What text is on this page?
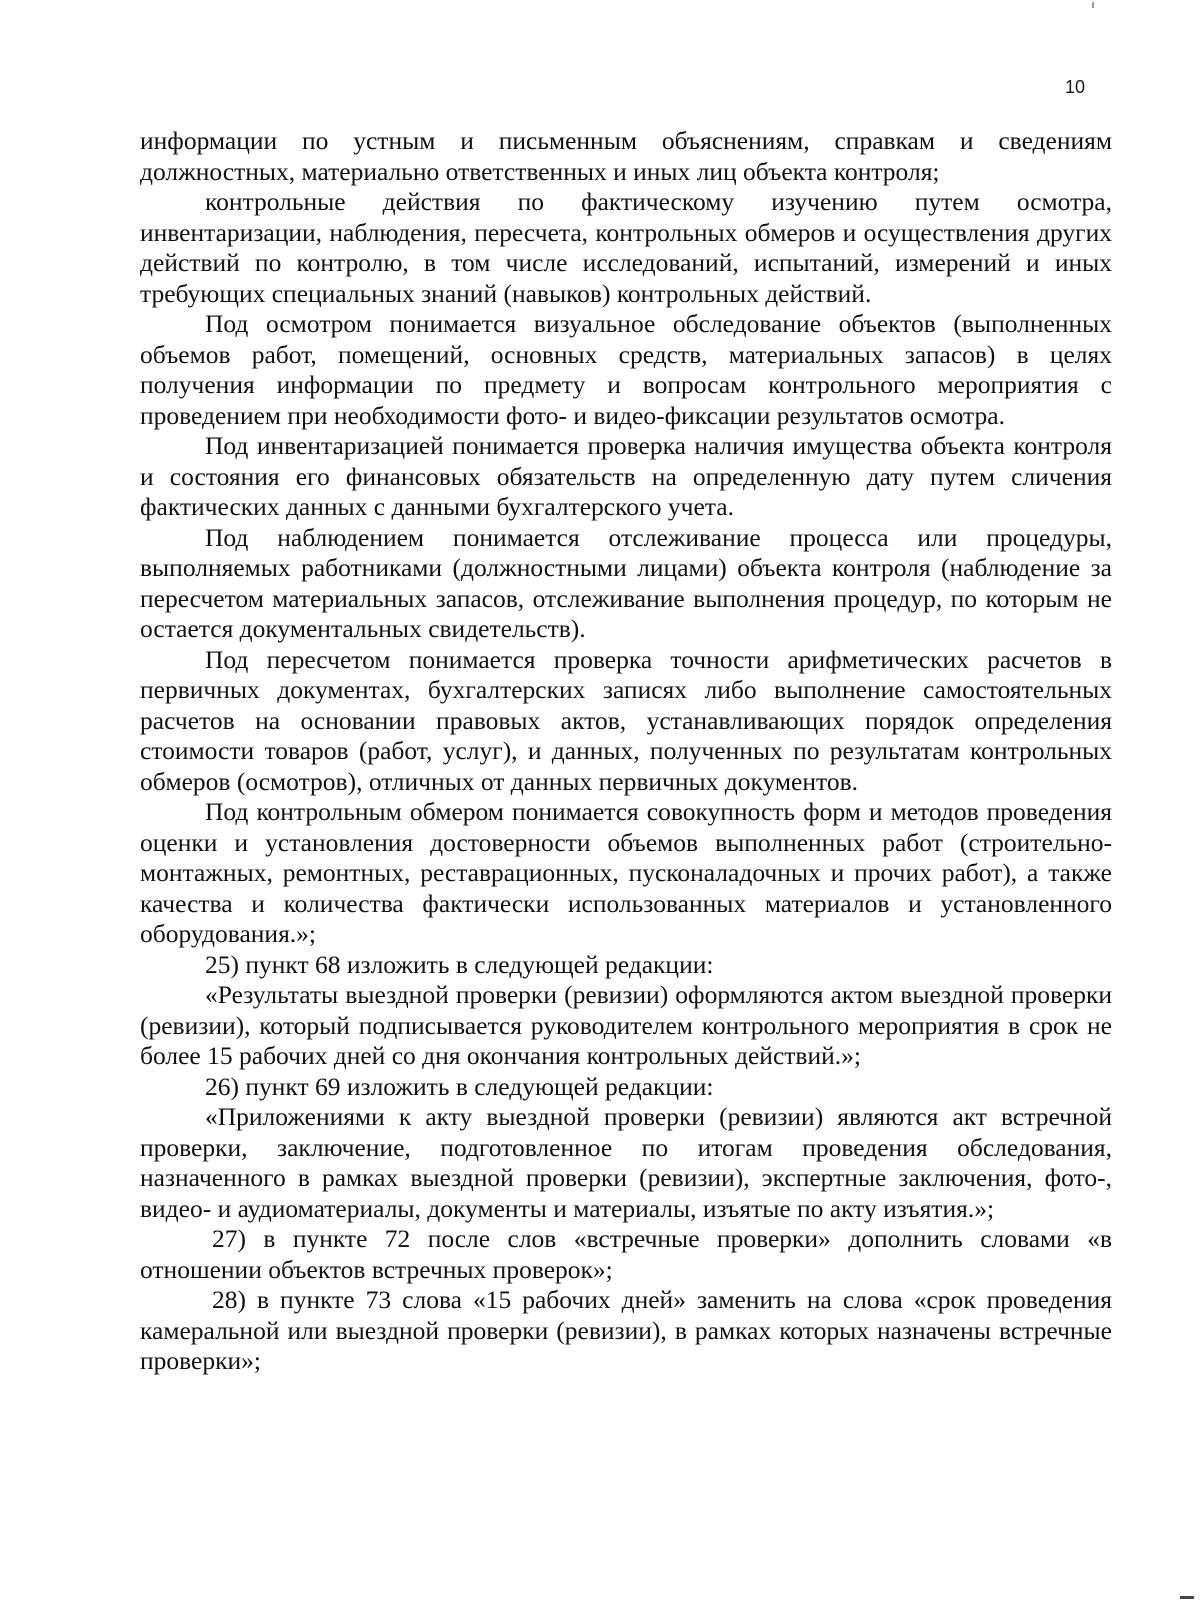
10

информации по устным и письменным объяснениям, справкам и сведениям должностных, материально ответственных и иных лиц объекта контроля;

контрольные действия по фактическому изучению путем осмотра, инвентаризации, наблюдения, пересчета, контрольных обмеров и осуществления других действий по контролю, в том числе исследований, испытаний, измерений и иных требующих специальных знаний (навыков) контрольных действий.

Под осмотром понимается визуальное обследование объектов (выполненных объемов работ, помещений, основных средств, материальных запасов) в целях получения информации по предмету и вопросам контрольного мероприятия с проведением при необходимости фото- и видео-фиксации результатов осмотра.

Под инвентаризацией понимается проверка наличия имущества объекта контроля и состояния его финансовых обязательств на определенную дату путем сличения фактических данных с данными бухгалтерского учета.

Под наблюдением понимается отслеживание процесса или процедуры, выполняемых работниками (должностными лицами) объекта контроля (наблюдение за пересчетом материальных запасов, отслеживание выполнения процедур, по которым не остается документальных свидетельств).

Под пересчетом понимается проверка точности арифметических расчетов в первичных документах, бухгалтерских записях либо выполнение самостоятельных расчетов на основании правовых актов, устанавливающих порядок определения стоимости товаров (работ, услуг), и данных, полученных по результатам контрольных обмеров (осмотров), отличных от данных первичных документов.

Под контрольным обмером понимается совокупность форм и методов проведения оценки и установления достоверности объемов выполненных работ (строительно-монтажных, ремонтных, реставрационных, пусконаладочных и прочих работ), а также качества и количества фактически использованных материалов и установленного оборудования.»;

25) пункт 68 изложить в следующей редакции:

«Результаты выездной проверки (ревизии) оформляются актом выездной проверки (ревизии), который подписывается руководителем контрольного мероприятия в срок не более 15 рабочих дней со дня окончания контрольных действий.»;

26) пункт 69 изложить в следующей редакции:

«Приложениями к акту выездной проверки (ревизии) являются акт встречной проверки, заключение, подготовленное по итогам проведения обследования, назначенного в рамках выездной проверки (ревизии), экспертные заключения, фото-, видео- и аудиоматериалы, документы и материалы, изъятые по акту изъятия.»;

27) в пункте 72 после слов «встречные проверки» дополнить словами «в отношении объектов встречных проверок»;

28) в пункте 73 слова «15 рабочих дней» заменить на слова «срок проведения камеральной или выездной проверки (ревизии), в рамках которых назначены встречные проверки»;
